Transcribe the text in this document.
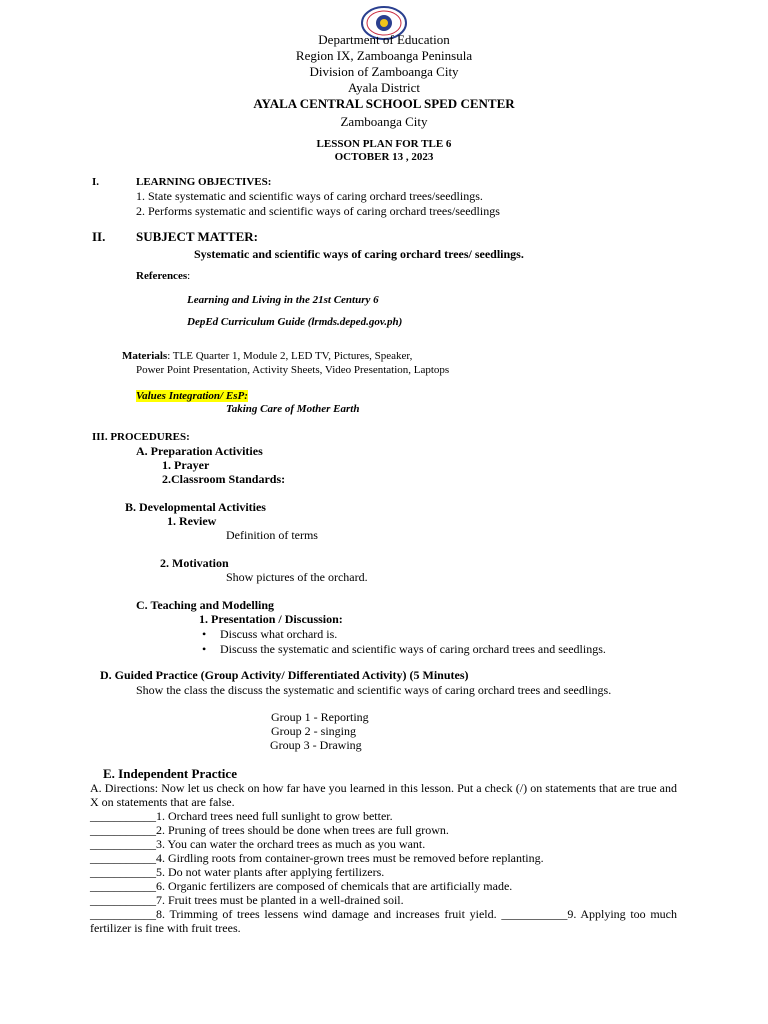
Department of Education
Region IX, Zamboanga Peninsula
Division of Zamboanga City
Ayala District
AYALA CENTRAL SCHOOL SPED CENTER
Zamboanga City
LESSON PLAN FOR TLE 6
OCTOBER 13 , 2023
I.	LEARNING OBJECTIVES:
1. State systematic and scientific ways of caring orchard trees/seedlings.
2. Performs systematic and scientific ways of caring orchard trees/seedlings
II. SUBJECT MATTER:
Systematic and scientific ways of caring orchard trees/ seedlings.
References:
Learning and Living in the 21st Century 6
DepEd Curriculum Guide (lrmds.deped.gov.ph)
Materials: TLE Quarter 1, Module 2, LED TV, Pictures, Speaker,
Power Point Presentation, Activity Sheets, Video Presentation, Laptops
Values Integration/ EsP:
Taking Care of Mother Earth
III. PROCEDURES:
A. Preparation Activities
1. Prayer
2.Classroom Standards:
B. Developmental Activities
1. Review
Definition of terms
2. Motivation
Show pictures of the orchard.
C. Teaching and Modelling
1. Presentation / Discussion:
• Discuss what orchard is.
• Discuss the systematic and scientific ways of caring orchard trees and seedlings.
D. Guided Practice (Group Activity/ Differentiated Activity) (5 Minutes)
Show the class the discuss the systematic and scientific ways of caring orchard trees and seedlings.
Group 1 - Reporting
Group 2 - singing
Group 3 - Drawing
E. Independent Practice
A. Directions: Now let us check on how far have you learned in this lesson. Put a check (/) on statements that are true and X on statements that are false.
___________1. Orchard trees need full sunlight to grow better.
___________2. Pruning of trees should be done when trees are full grown.
___________3. You can water the orchard trees as much as you want.
___________4. Girdling roots from container-grown trees must be removed before replanting.
___________5. Do not water plants after applying fertilizers.
___________6. Organic fertilizers are composed of chemicals that are artificially made.
___________7. Fruit trees must be planted in a well-drained soil.
___________8. Trimming of trees lessens wind damage and increases fruit yield. ___________9. Applying too much fertilizer is fine with fruit trees.
